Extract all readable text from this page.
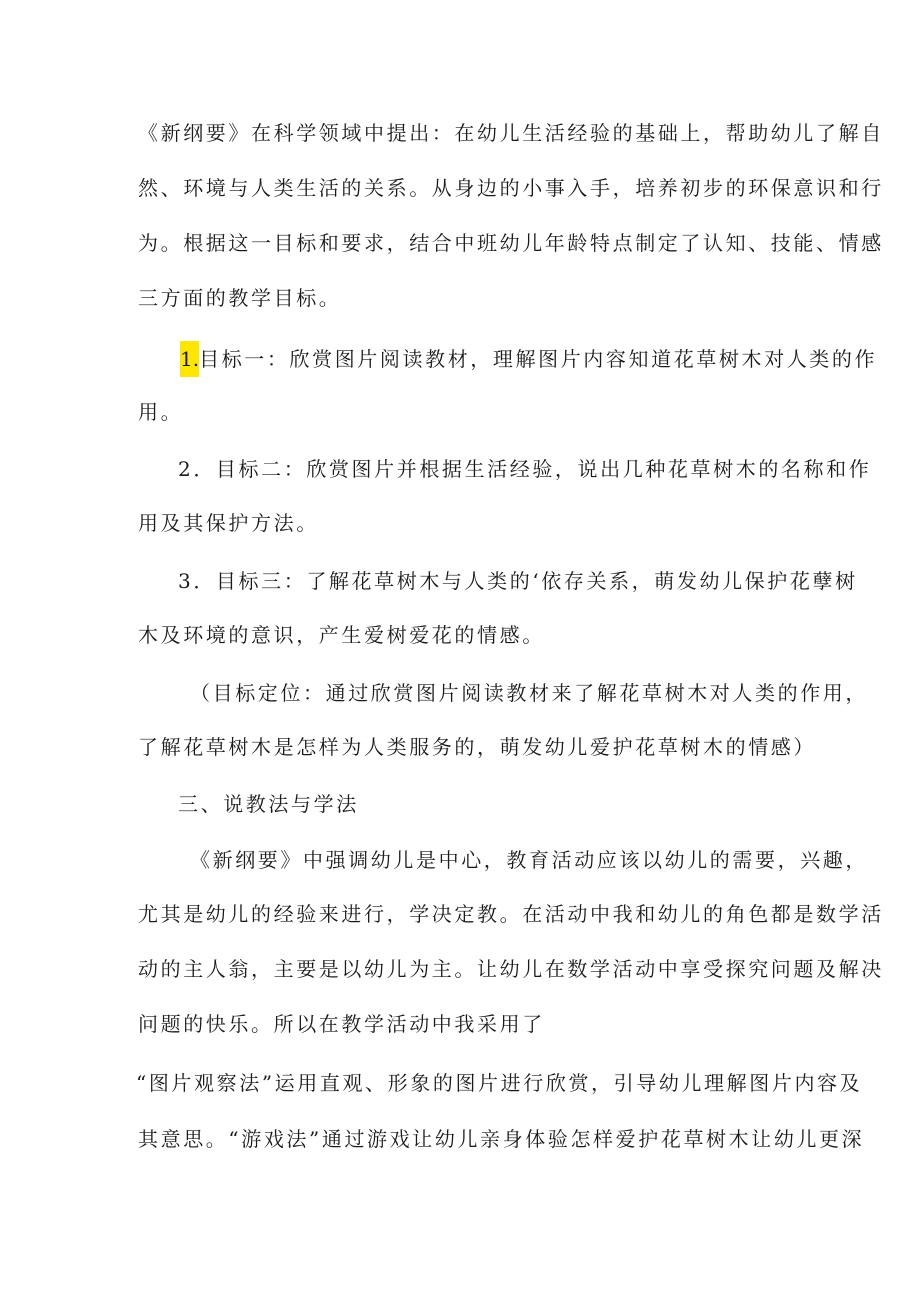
《新纲要》在科学领域中提出：在幼儿生活经验的基础上，帮助幼儿了解自
然、环境与人类生活的关系。从身边的小事入手，培养初步的环保意识和行
为。根据这一目标和要求，结合中班幼儿年龄特点制定了认知、技能、情感
三方面的教学目标。
1.目标一：欣赏图片阅读教材，理解图片内容知道花草树木对人类的作
用。
2．目标二：欣赏图片并根据生活经验，说出几种花草树木的名称和作
用及其保护方法。
3．目标三：了解花草树木与人类的‘依存关系，萌发幼儿保护花孽树
木及环境的意识，产生爱树爱花的情感。
（目标定位：通过欣赏图片阅读教材来了解花草树木对人类的作用，
了解花草树木是怎样为人类服务的，萌发幼儿爱护花草树木的情感）
三、说教法与学法
《新纲要》中强调幼儿是中心，教育活动应该以幼儿的需要，兴趣，
尤其是幼儿的经验来进行，学决定教。在活动中我和幼儿的角色都是数学活
动的主人翁，主要是以幼儿为主。让幼儿在数学活动中享受探究问题及解决
问题的快乐。所以在教学活动中我采用了
“图片观察法”运用直观、形象的图片进行欣赏，引导幼儿理解图片内容及
其意思。“游戏法”通过游戏让幼儿亲身体验怎样爱护花草树木让幼儿更深
